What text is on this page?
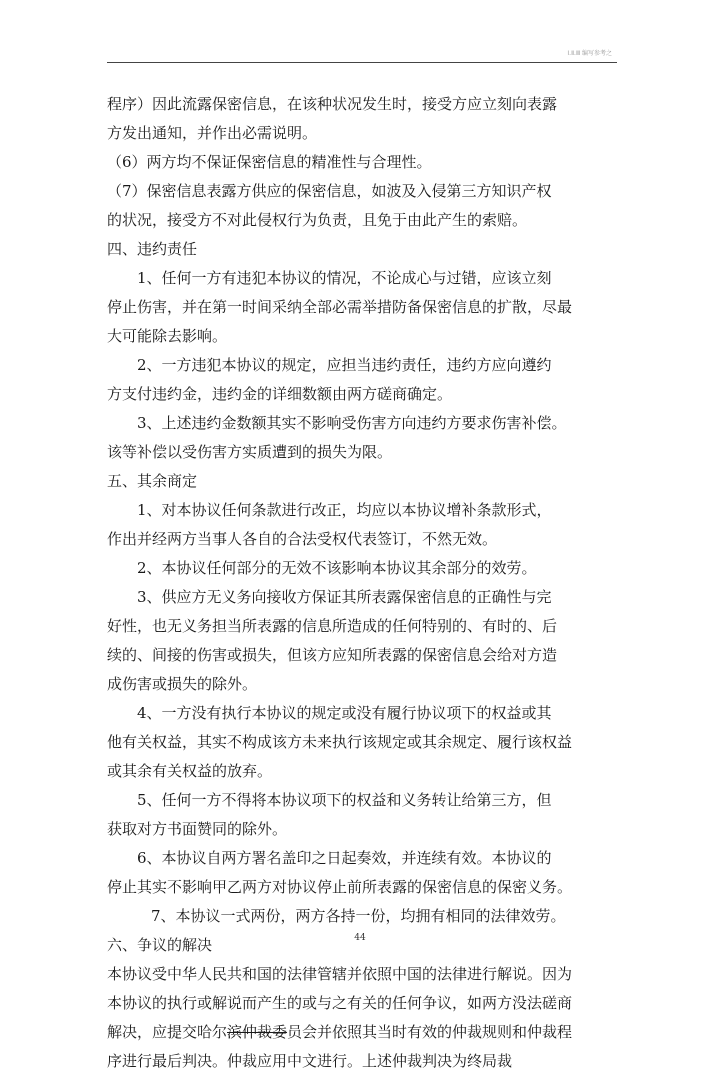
Ⅰ.Ⅱ.Ⅲ 编写参考之
程序）因此流露保密信息，在该种状况发生时，接受方应立刻向表露
方发出通知，并作出必需说明。
（6）两方均不保证保密信息的精准性与合理性。
（7）保密信息表露方供应的保密信息，如波及入侵第三方知识产权
的状况，接受方不对此侵权行为负责，且免于由此产生的索赔。
四、违约责任
1、任何一方有违犯本协议的情况，不论成心与过错，应该立刻
停止伤害，并在第一时间采纳全部必需举措防备保密信息的扩散，尽最
大可能除去影响。
2、一方违犯本协议的规定，应担当违约责任，违约方应向遵约
方支付违约金，违约金的详细数额由两方磋商确定。
3、上述违约金数额其实不影响受伤害方向违约方要求伤害补偿。
该等补偿以受伤害方实质遭到的损失为限。
五、其余商定
1、对本协议任何条款进行改正，均应以本协议增补条款形式，
作出并经两方当事人各自的合法受权代表签订，不然无效。
2、本协议任何部分的无效不该影响本协议其余部分的效劳。
3、供应方无义务向接收方保证其所表露保密信息的正确性与完
好性，也无义务担当所表露的信息所造成的任何特别的、有时的、后
续的、间接的伤害或损失，但该方应知所表露的保密信息会给对方造
成伤害或损失的除外。
4、一方没有执行本协议的规定或没有履行协议项下的权益或其
他有关权益，其实不构成该方未来执行该规定或其余规定、履行该权益
或其余有关权益的放弃。
5、任何一方不得将本协议项下的权益和义务转让给第三方，但
获取对方书面赞同的除外。
6、本协议自两方署名盖印之日起奏效，并连续有效。本协议的
停止其实不影响甲乙两方对协议停止前所表露的保密信息的保密义务。
7、本协议一式两份，两方各持一份，均拥有相同的法律效劳。
六、争议的解决
本协议受中华人民共和国的法律管辖并依照中国的法律进行解说。因为
本协议的执行或解说而产生的或与之有关的任何争议，如两方没法磋商
解决，应提交哈尔滨仲裁委员会并依照其当时有效的仲裁规则和仲裁程
序进行最后判决。仲裁应用中文进行。上述仲裁判决为终局裁
44
